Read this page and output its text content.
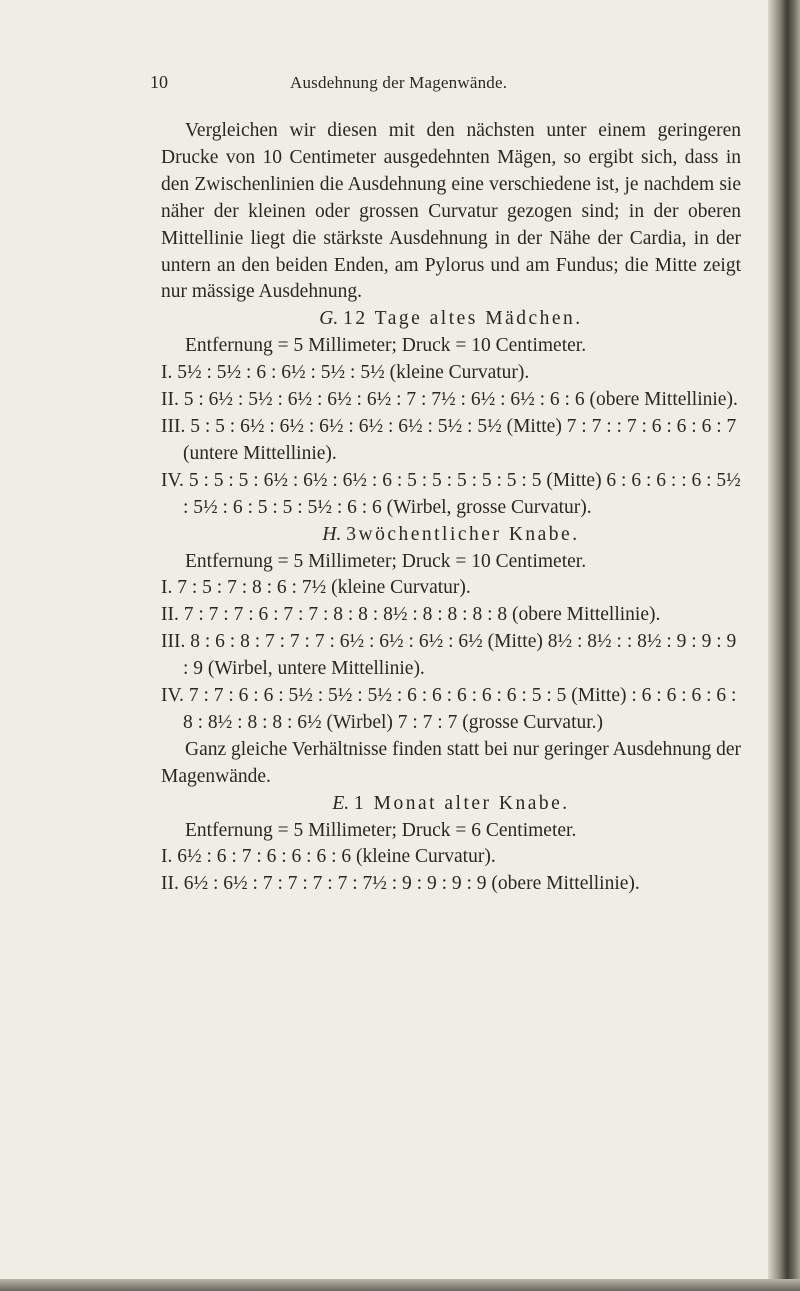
10	Ausdehnung der Magenwände.

Vergleichen wir diesen mit den nächsten unter einem geringeren Drucke von 10 Centimeter ausgedehnten Mägen, so ergibt sich, dass in den Zwischenlinien die Ausdehnung eine verschiedene ist, je nachdem sie näher der kleinen oder grossen Curvatur gezogen sind; in der oberen Mittellinie liegt die stärkste Ausdehnung in der Nähe der Cardia, in der untern an den beiden Enden, am Pylorus und am Fundus; die Mitte zeigt nur mässige Ausdehnung.

G. 12 Tage altes Mädchen.

Entfernung = 5 Millimeter; Druck = 10 Centimeter.

I. 5½ : 5½ : 6 : 6½ : 5½ : 5½ (kleine Curvatur).

II. 5 : 6½ : 5½ : 6½ : 6½ : 6½ : 7 : 7½ : 6½ : 6½ : 6 : 6 (obere Mittellinie).

III. 5 : 5 : 6½ : 6½ : 6½ : 6½ : 6½ : 5½ : 5½ (Mitte) 7 : 7 : : 7 : 6 : 6 : 6 : 7 (untere Mittellinie).

IV. 5 : 5 : 5 : 6½ : 6½ : 6½ : 6 : 5 : 5 : 5 : 5 : 5 : 5 (Mitte) 6 : 6 : 6 : : 6 : 5½ : 5½ : 6 : 5 : 5 : 5½ : 6 : 6 (Wirbel, grosse Curvatur).

H. 3wöchentlicher Knabe.

Entfernung = 5 Millimeter; Druck = 10 Centimeter.

I. 7 : 5 : 7 : 8 : 6 : 7½ (kleine Curvatur).

II. 7 : 7 : 7 : 6 : 7 : 7 : 8 : 8 : 8½ : 8 : 8 : 8 : 8 (obere Mittellinie).

III. 8 : 6 : 8 : 7 : 7 : 7 : 6½ : 6½ : 6½ : 6½ (Mitte) 8½ : 8½ : : 8½ : 9 : 9 : 9 : 9 (Wirbel, untere Mittellinie).

IV. 7 : 7 : 6 : 6 : 5½ : 5½ : 5½ : 6 : 6 : 6 : 6 : 6 : 5 : 5 (Mitte) : 6 : 6 : 6 : 6 : 8 : 8½ : 8 : 8 : 6½ (Wirbel) 7 : 7 : 7 (grosse Curvatur.)

Ganz gleiche Verhältnisse finden statt bei nur geringer Ausdehnung der Magenwände.

E. 1 Monat alter Knabe.

Entfernung = 5 Millimeter; Druck = 6 Centimeter.

I. 6½ : 6 : 7 : 6 : 6 : 6 : 6 (kleine Curvatur).

II. 6½ : 6½ : 7 : 7 : 7 : 7 : 7½ : 9 : 9 : 9 : 9 (obere Mittellinie).
